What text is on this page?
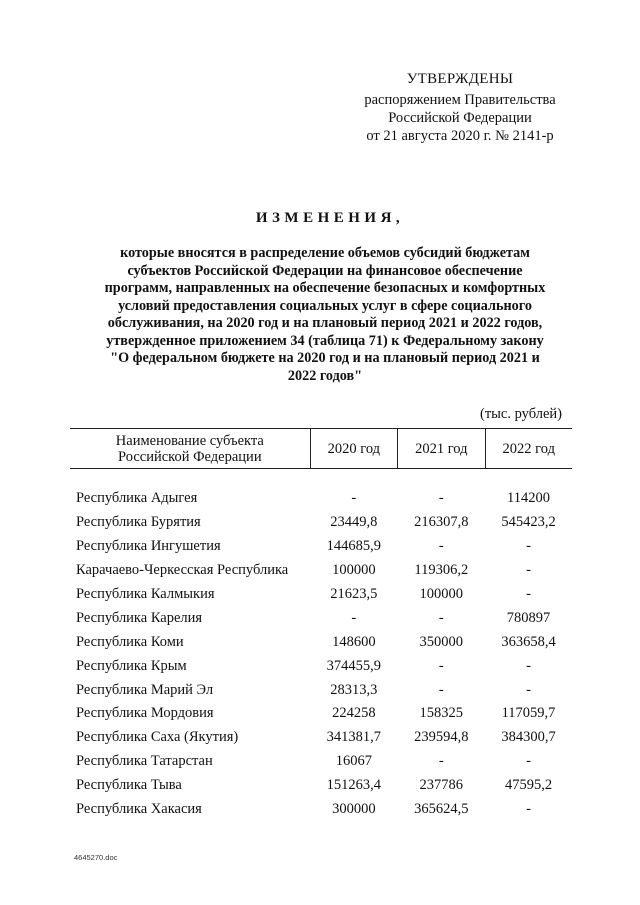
УТВЕРЖДЕНЫ
распоряжением Правительства
Российской Федерации
от 21 августа 2020 г. № 2141-р
ИЗМЕНЕНИЯ,
которые вносятся в распределение объемов субсидий бюджетам
субъектов Российской Федерации на финансовое обеспечение
программ, направленных на обеспечение безопасных и комфортных
условий предоставления социальных услуг в сфере социального
обслуживания, на 2020 год и на плановый период 2021 и 2022 годов,
утвержденное приложением 34 (таблица 71) к Федеральному закону
"О федеральном бюджете на 2020 год и на плановый период 2021 и
2022 годов"
(тыс. рублей)
Наименование субъекта
Российской Федерации	2020 год	2021 год	2022 год

Республика Адыгея	-	-	114200
Республика Бурятия	23449,8	216307,8	545423,2
Республика Ингушетия	144685,9	-	-
Карачаево-Черкесская Республика	100000	119306,2	-
Республика Калмыкия	21623,5	100000	-
Республика Карелия	-	-	780897
Республика Коми	148600	350000	363658,4
Республика Крым	374455,9	-	-
Республика Марий Эл	28313,3	-	-
Республика Мордовия	224258	158325	117059,7
Республика Саха (Якутия)	341381,7	239594,8	384300,7
Республика Татарстан	16067	-	-
Республика Тыва	151263,4	237786	47595,2
Республика Хакасия	300000	365624,5	-
4645270.doc
